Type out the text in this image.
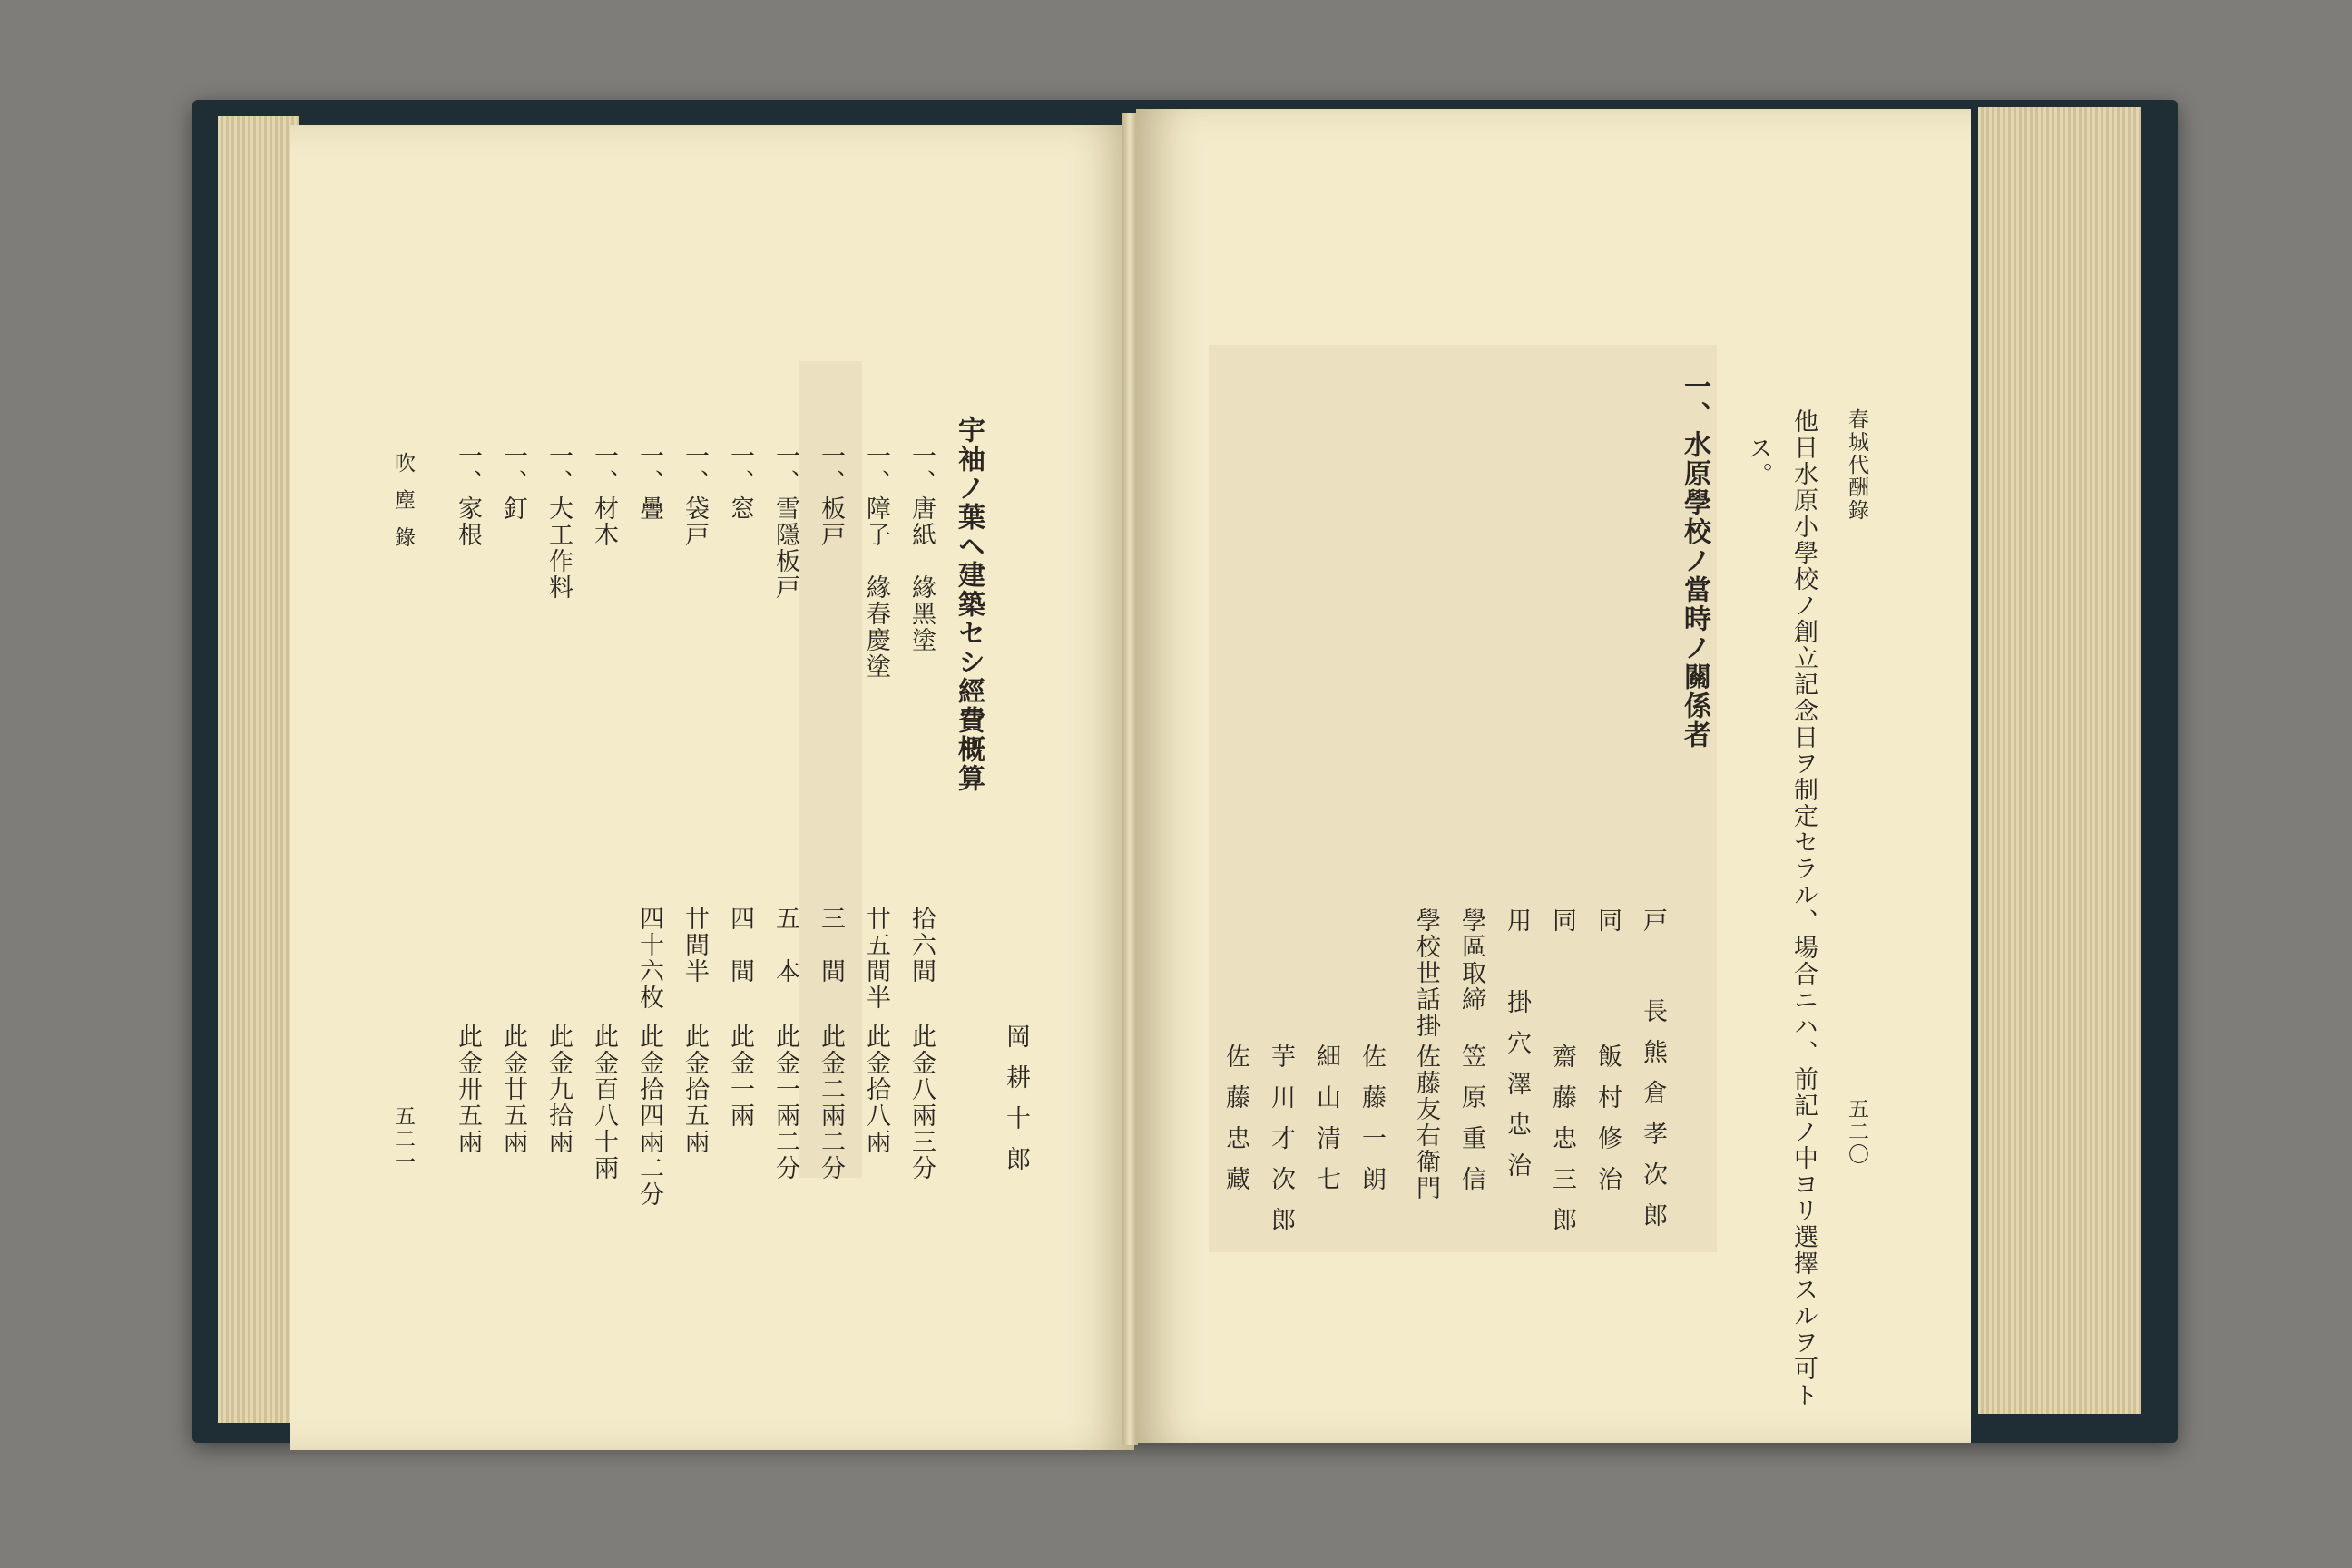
宇袖ノ葉ヘ建築セシ經費概算
岡耕十郎
一、唐紙　緣黑塗
一、障子　緣春慶塗
一、板戸
一、雪隱板戸
一、窓
一、袋戸
一、疊
一、材木
一、大工作料
一、釘
一、家根
拾六間
廿五間半
三　間
五　本
四　間
廿間半
四十六枚
此金八兩三分
此金拾八兩
此金二兩二分
此金一兩二分
此金一兩
此金拾五兩
此金拾四兩二分
此金百八十兩
此金九拾兩
此金廿五兩
此金卅五兩
吹塵錄
五二一
春城代酬錄
五二〇
他日水原小學校ノ創立記念日ヲ制定セラル、場合ニハ、前記ノ中ヨリ選擇スルヲ可ト
ス。
一、水原學校ノ當時ノ關係者
戸
同
同
用
學區取締
學校世話掛
長熊倉孝次郎
飯村修治
齋藤忠三郎
掛穴澤忠治
笠原重信
佐藤友右衛門
佐藤一朗
細山清七
芋川才次郎
佐藤忠藏
